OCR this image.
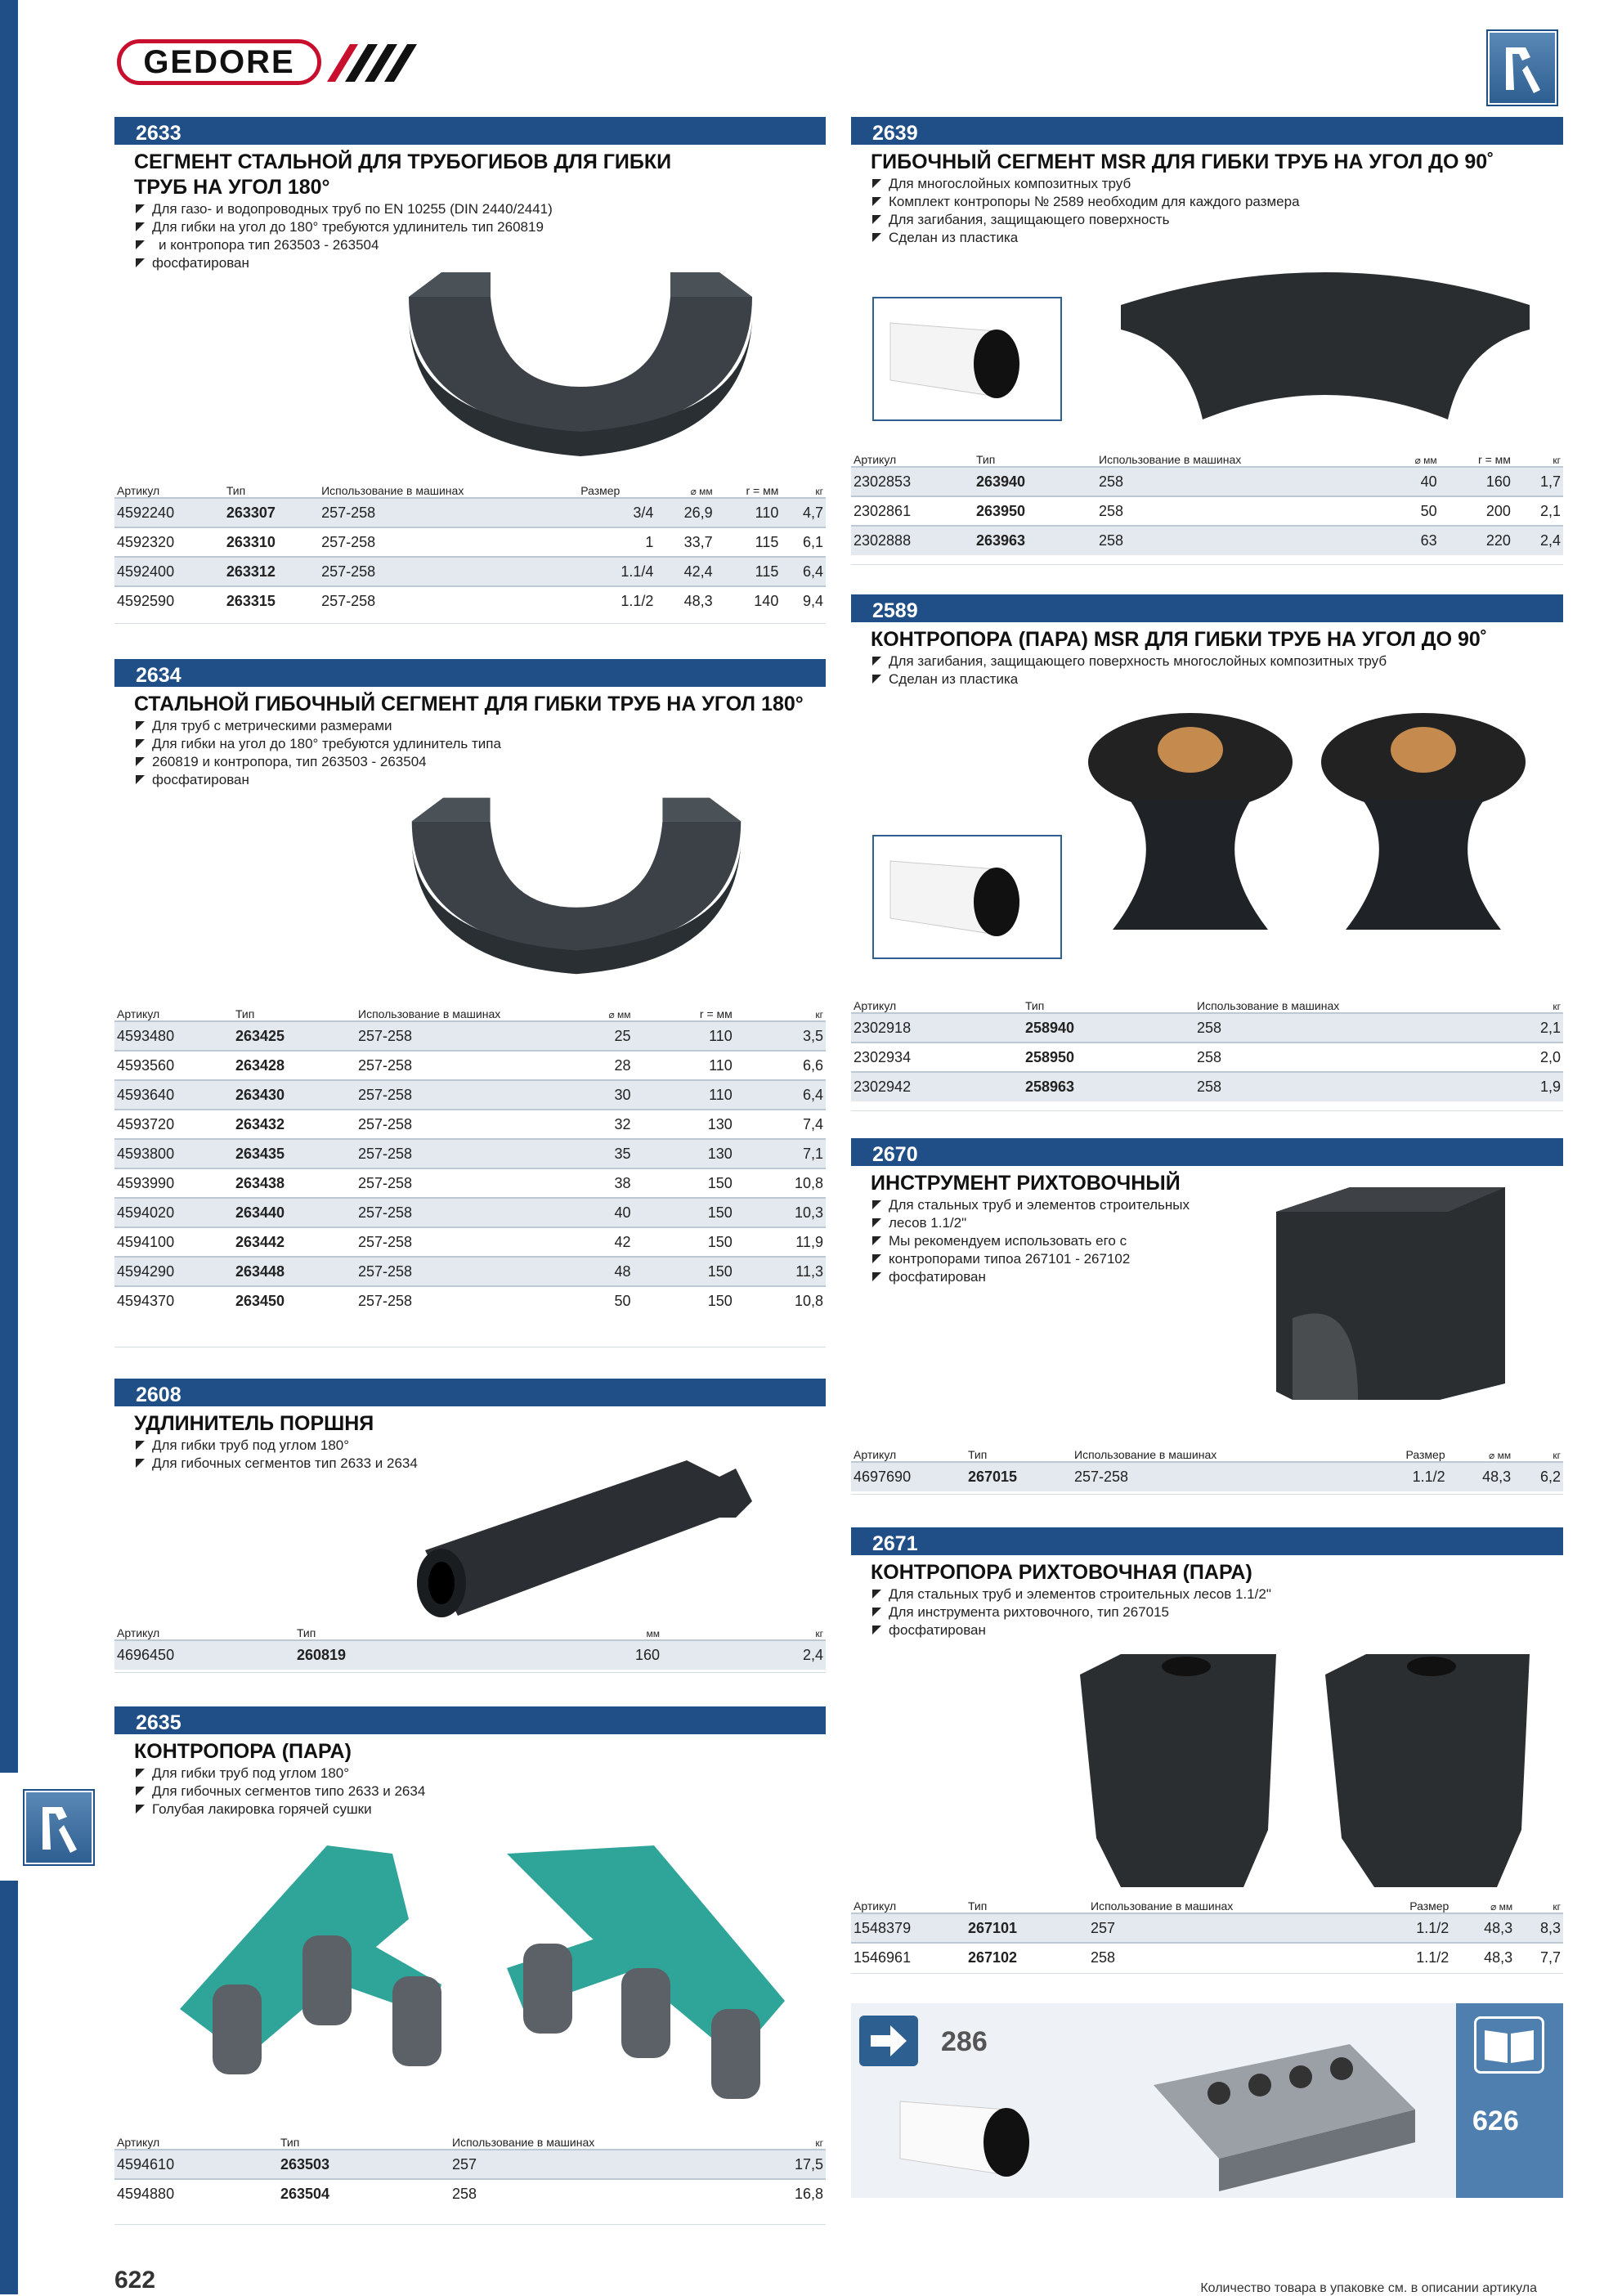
GEDORE
2633
СЕГМЕНТ СТАЛЬНОЙ ДЛЯ ТРУБОГИБОВ ДЛЯ ГИБКИ
ТРУБ НА УГОЛ 180°
Для газо- и водопроводных труб по EN 10255 (DIN 2440/2441)
Для гибки на угол до 180° требуются удлинитель тип 260819
и контропора тип 263503 - 263504
фосфатирован
Артикул	Тип	Использование в машинах	Размер	⌀ мм	r = мм	кг
4592240	263307	257-258	3/4	26,9	110	4,7
4592320	263310	257-258	1	33,7	115	6,1
4592400	263312	257-258	1.1/4	42,4	115	6,4
4592590	263315	257-258	1.1/2	48,3	140	9,4
2634
СТАЛЬНОЙ ГИБОЧНЫЙ СЕГМЕНТ ДЛЯ ГИБКИ ТРУБ НА УГОЛ 180°
Для труб с метрическими размерами
Для гибки на угол до 180° требуются удлинитель типа
260819 и контропора, тип 263503 - 263504
фосфатирован
Артикул	Тип	Использование в машинах	⌀ мм	r = мм	кг
4593480	263425	257-258	25	110	3,5
4593560	263428	257-258	28	110	6,6
4593640	263430	257-258	30	110	6,4
4593720	263432	257-258	32	130	7,4
4593800	263435	257-258	35	130	7,1
4593990	263438	257-258	38	150	10,8
4594020	263440	257-258	40	150	10,3
4594100	263442	257-258	42	150	11,9
4594290	263448	257-258	48	150	11,3
4594370	263450	257-258	50	150	10,8
2608
УДЛИНИТЕЛЬ ПОРШНЯ
Для гибки труб под углом 180°
Для гибочных сегментов тип 2633 и 2634
Артикул	Тип	мм	кг
4696450	260819	160	2,4
2635
КОНТРОПОРА (ПАРА)
Для гибки труб под углом 180°
Для гибочных сегментов типо 2633 и 2634
Голубая лакировка горячей сушки
Артикул	Тип	Использование в машинах	кг
4594610	263503	257	17,5
4594880	263504	258	16,8
2639
ГИБОЧНЫЙ СЕГМЕНТ MSR ДЛЯ ГИБКИ ТРУБ НА УГОЛ ДО 90˚
Для многослойных композитных труб
Комплект контропоры № 2589 необходим для каждого размера
Для загибания, защищающего поверхность
Сделан из пластика
Артикул	Тип	Использование в машинах	⌀ мм	r = мм	кг
2302853	263940	258	40	160	1,7
2302861	263950	258	50	200	2,1
2302888	263963	258	63	220	2,4
2589
КОНТРОПОРА (ПАРА) MSR ДЛЯ ГИБКИ ТРУБ НА УГОЛ ДО 90˚
Для загибания, защищающего поверхность многослойных композитных труб
Сделан из пластика
Артикул	Тип	Использование в машинах	кг
2302918	258940	258	2,1
2302934	258950	258	2,0
2302942	258963	258	1,9
2670
ИНСТРУМЕНТ РИХТОВОЧНЫЙ
Для стальных труб и элементов строительных
лесов 1.1/2"
Мы рекомендуем использовать его с
контропорами типоа 267101 - 267102
фосфатирован
Артикул	Тип	Использование в машинах	Размер	⌀ мм	кг
4697690	267015	257-258	1.1/2	48,3	6,2
2671
КОНТРОПОРА РИХТОВОЧНАЯ (ПАРА)
Для стальных труб и элементов строительных лесов 1.1/2"
Для инструмента рихтовочного, тип 267015
фосфатирован
Артикул	Тип	Использование в машинах	Размер	⌀ мм	кг
1548379	267101	257	1.1/2	48,3	8,3
1546961	267102	258	1.1/2	48,3	7,7
286
626
622	Количество товара в упаковке см. в описании артикула
